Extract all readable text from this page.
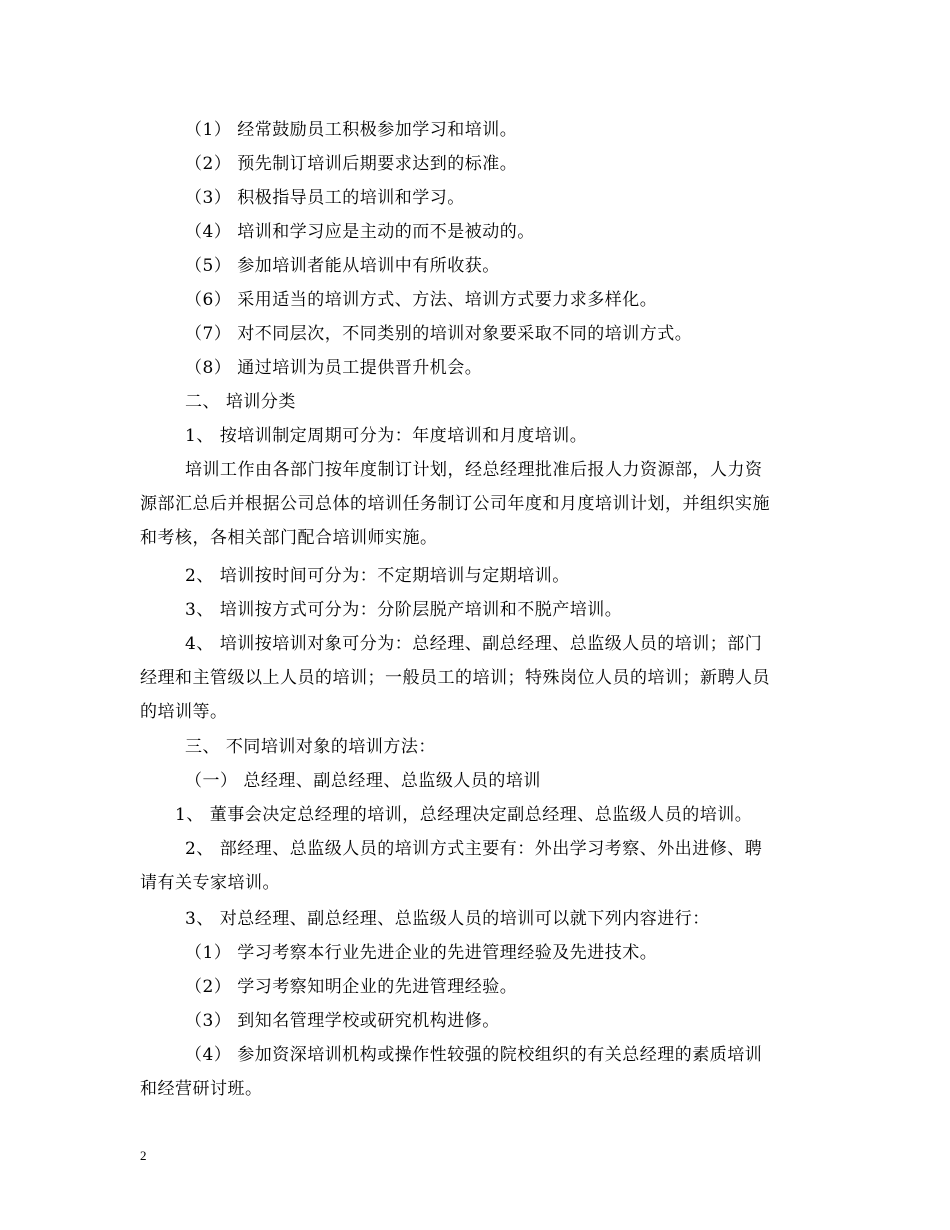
（1） 经常鼓励员工积极参加学习和培训。
（2） 预先制订培训后期要求达到的标准。
（3） 积极指导员工的培训和学习。
（4） 培训和学习应是主动的而不是被动的。
（5） 参加培训者能从培训中有所收获。
（6） 采用适当的培训方式、方法、培训方式要力求多样化。
（7） 对不同层次，不同类别的培训对象要采取不同的培训方式。
（8） 通过培训为员工提供晋升机会。
二、 培训分类
1、 按培训制定周期可分为：年度培训和月度培训。
培训工作由各部门按年度制订计划，经总经理批准后报人力资源部，人力资
源部汇总后并根据公司总体的培训任务制订公司年度和月度培训计划，并组织实施
和考核，各相关部门配合培训师实施。
2、 培训按时间可分为：不定期培训与定期培训。
3、 培训按方式可分为：分阶层脱产培训和不脱产培训。
4、 培训按培训对象可分为：总经理、副总经理、总监级人员的培训；部门
经理和主管级以上人员的培训；一般员工的培训；特殊岗位人员的培训；新聘人员
的培训等。
三、 不同培训对象的培训方法：
（一） 总经理、副总经理、总监级人员的培训
1、 董事会决定总经理的培训，总经理决定副总经理、总监级人员的培训。
2、 部经理、总监级人员的培训方式主要有：外出学习考察、外出进修、聘
请有关专家培训。
3、 对总经理、副总经理、总监级人员的培训可以就下列内容进行：
（1） 学习考察本行业先进企业的先进管理经验及先进技术。
（2） 学习考察知明企业的先进管理经验。
（3） 到知名管理学校或研究机构进修。
（4） 参加资深培训机构或操作性较强的院校组织的有关总经理的素质培训
和经营研讨班。
2
